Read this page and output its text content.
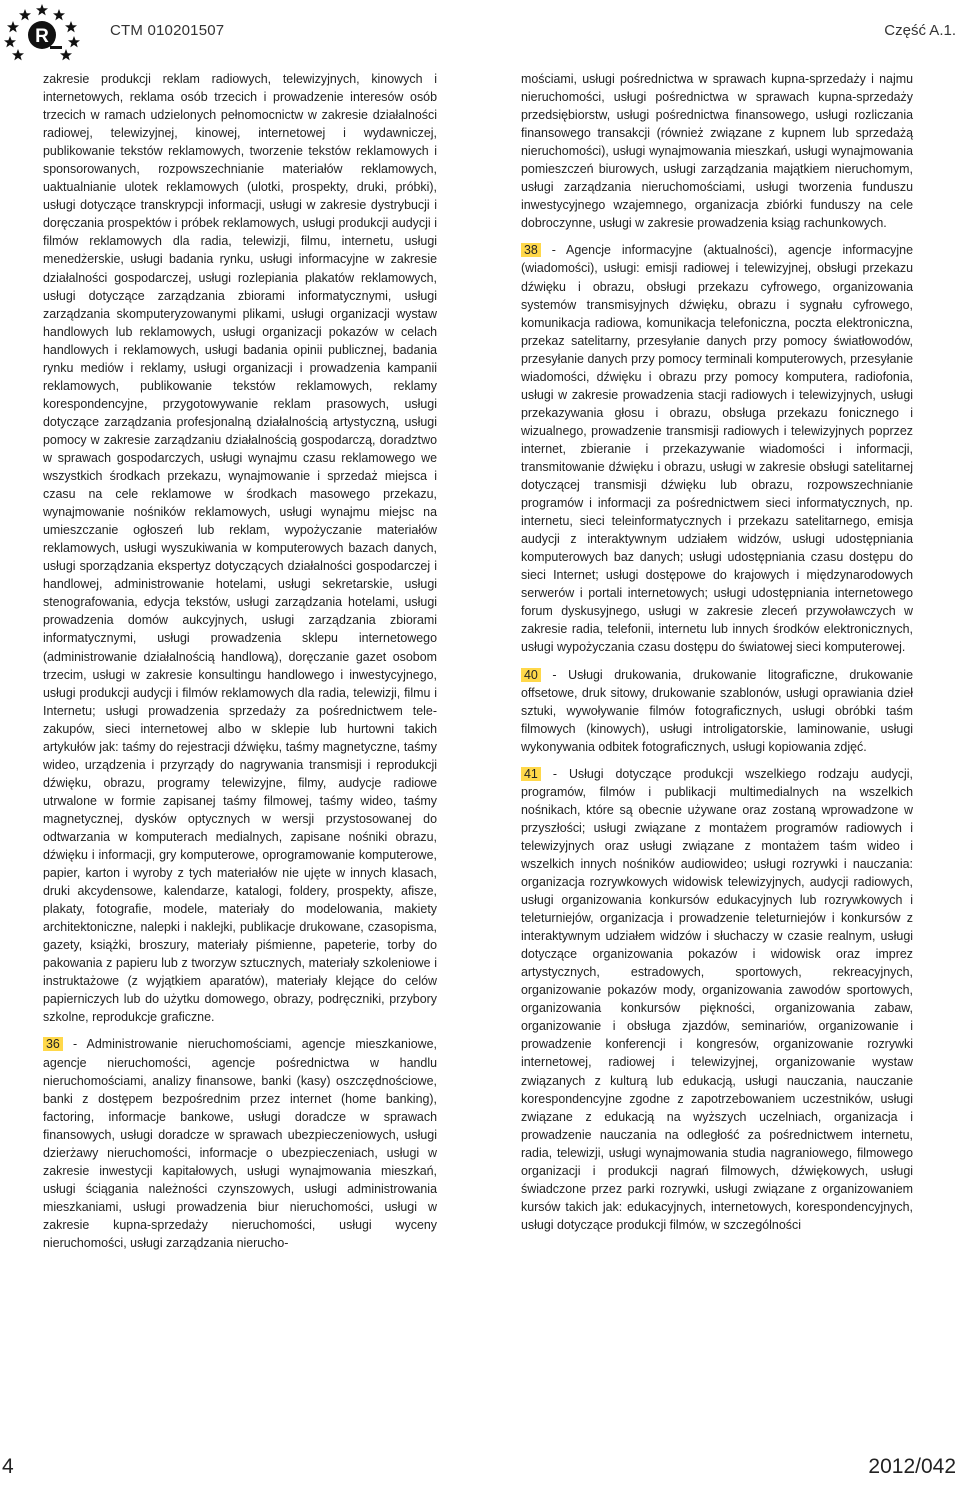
R	CTM 010201507	Część A.1.

zakresie produkcji reklam radiowych, telewizyjnych, kinowych i internetowych, reklama osób trzecich i prowadzenie interesów osób trzecich w ramach udzielonych pełnomocnictw w zakresie działalności radiowej, telewizyjnej, kinowej, internetowej i wydawniczej, publikowanie tekstów reklamowych, tworzenie tekstów reklamowych i sponsorowanych, rozpowszechnianie materiałów reklamowych, uaktualnianie ulotek reklamowych (ulotki, prospekty, druki, próbki), usługi dotyczące transkrypcji informacji, usługi w zakresie dystrybucji i doręczania prospektów i próbek reklamowych, usługi produkcji audycji i filmów reklamowych dla radia, telewizji, filmu, internetu, usługi menedżerskie, usługi badania rynku, usługi informacyjne w zakresie działalności gospodarczej, usługi rozlepiania plakatów reklamowych, usługi dotyczące zarządzania zbiorami informatycznymi, usługi zarządzania skomputeryzowanymi plikami, usługi organizacji wystaw handlowych lub reklamowych, usługi organizacji pokazów w celach handlowych i reklamowych, usługi badania opinii publicznej, badania rynku mediów i reklamy, usługi organizacji i prowadzenia kampanii reklamowych, publikowanie tekstów reklamowych, reklamy korespondencyjne, przygotowywanie reklam prasowych, usługi dotyczące zarządzania profesjonalną działalnością artystyczną, usługi pomocy w zakresie zarządzaniu działalnością gospodarczą, doradztwo w sprawach gospodarczych, usługi wynajmu czasu reklamowego we wszystkich środkach przekazu, wynajmowanie i sprzedaż miejsca i czasu na cele reklamowe w środkach masowego przekazu, wynajmowanie nośników reklamowych, usługi wynajmu miejsc na umieszczanie ogłoszeń lub reklam, wypożyczanie materiałów reklamowych, usługi wyszukiwania w komputerowych bazach danych, usługi sporządzania ekspertyz dotyczących działalności gospodarczej i handlowej, administrowanie hotelami, usługi sekretarskie, usługi stenografowania, edycja tekstów, usługi zarządzania hotelami, usługi prowadzenia domów aukcyjnych, usługi zarządzania zbiorami informatycznymi, usługi prowadzenia sklepu internetowego (administrowanie działalnością handlową), doręczanie gazet osobom trzecim, usługi w zakresie konsultingu handlowego i inwestycyjnego, usługi produkcji audycji i filmów reklamowych dla radia, telewizji, filmu i Internetu; usługi prowadzenia sprzedaży za pośrednictwem tele-zakupów, sieci internetowej albo w sklepie lub hurtowni takich artykułów jak: taśmy do rejestracji dźwięku, taśmy magnetyczne, taśmy wideo, urządzenia i przyrządy do nagrywania transmisji i reprodukcji dźwięku, obrazu, programy telewizyjne, filmy, audycje radiowe utrwalone w formie zapisanej taśmy filmowej, taśmy wideo, taśmy magnetycznej, dysków optycznych w wersji przystosowanej do odtwarzania w komputerach medialnych, zapisane nośniki obrazu, dźwięku i informacji, gry komputerowe, oprogramowanie komputerowe, papier, karton i wyroby z tych materiałów nie ujęte w innych klasach, druki akcydensowe, kalendarze, katalogi, foldery, prospekty, afisze, plakaty, fotografie, modele, materiały do modelowania, makiety architektoniczne, nalepki i naklejki, publikacje drukowane, czasopisma, gazety, książki, broszury, materiały piśmienne, papeterie, torby do pakowania z papieru lub z tworzyw sztucznych, materiały szkoleniowe i instruktażowe (z wyjątkiem aparatów), materiały klejące do celów papierniczych lub do użytku domowego, obrazy, podręczniki, przybory szkolne, reprodukcje graficzne.

36 - Administrowanie nieruchomościami, agencje mieszkaniowe, agencje nieruchomości, agencje pośrednictwa w handlu nieruchomościami, analizy finansowe, banki (kasy) oszczędnościowe, banki z dostępem bezpośrednim przez internet (home banking), factoring, informacje bankowe, usługi doradcze w sprawach finansowych, usługi doradcze w sprawach ubezpieczeniowych, usługi dzierżawy nieruchomości, informacje o ubezpieczeniach, usługi w zakresie inwestycji kapitałowych, usługi wynajmowania mieszkań, usługi ściągania należności czynszowych, usługi administrowania mieszkaniami, usługi prowadzenia biur nieruchomości, usługi w zakresie kupna-sprzedaży nieruchomości, usługi wyceny nieruchomości, usługi zarządzania nierucho-

mościami, usługi pośrednictwa w sprawach kupna-sprzedaży i najmu nieruchomości, usługi pośrednictwa w sprawach kupna-sprzedaży przedsiębiorstw, usługi pośrednictwa finansowego, usługi rozliczania finansowego transakcji (również związane z kupnem lub sprzedażą nieruchomości), usługi wynajmowania mieszkań, usługi wynajmowania pomieszczeń biurowych, usługi zarządzania majątkiem nieruchomym, usługi zarządzania nieruchomościami, usługi tworzenia funduszu inwestycyjnego wzajemnego, organizacja zbiórki funduszy na cele dobroczynne, usługi w zakresie prowadzenia ksiąg rachunkowych.

38 - Agencje informacyjne (aktualności), agencje informacyjne (wiadomości), usługi: emisji radiowej i telewizyjnej, obsługi przekazu dźwięku i obrazu, obsługi przekazu cyfrowego, organizowania systemów transmisyjnych dźwięku, obrazu i sygnału cyfrowego, komunikacja radiowa, komunikacja telefoniczna, poczta elektroniczna, przekaz satelitarny, przesyłanie danych przy pomocy światłowodów, przesyłanie danych przy pomocy terminali komputerowych, przesyłanie wiadomości, dźwięku i obrazu przy pomocy komputera, radiofonia, usługi w zakresie prowadzenia stacji radiowych i telewizyjnych, usługi przekazywania głosu i obrazu, obsługa przekazu fonicznego i wizualnego, prowadzenie transmisji radiowych i telewizyjnych poprzez internet, zbieranie i przekazywanie wiadomości i informacji, transmitowanie dźwięku i obrazu, usługi w zakresie obsługi satelitarnej dotyczącej transmisji dźwięku lub obrazu, rozpowszechnianie programów i informacji za pośrednictwem sieci informatycznych, np. internetu, sieci teleinformatycznych i przekazu satelitarnego, emisja audycji z interaktywnym udziałem widzów, usługi udostępniania komputerowych baz danych; usługi udostępniania czasu dostępu do sieci Internet; usługi dostępowe do krajowych i międzynarodowych serwerów i portali internetowych; usługi udostępniania internetowego forum dyskusyjnego, usługi w zakresie zleceń przywoławczych w zakresie radia, telefonii, internetu lub innych środków elektronicznych, usługi wypożyczania czasu dostępu do światowej sieci komputerowej.

40 - Usługi drukowania, drukowanie litograficzne, drukowanie offsetowe, druk sitowy, drukowanie szablonów, usługi oprawiania dzieł sztuki, wywoływanie filmów fotograficznych, usługi obróbki taśm filmowych (kinowych), usługi introligatorskie, laminowanie, usługi wykonywania odbitek fotograficznych, usługi kopiowania zdjęć.

41 - Usługi dotyczące produkcji wszelkiego rodzaju audycji, programów, filmów i publikacji multimedialnych na wszelkich nośnikach, które są obecnie używane oraz zostaną wprowadzone w przyszłości; usługi związane z montażem programów radiowych i telewizyjnych oraz usługi związane z montażem taśm wideo i wszelkich innych nośników audiowideo; usługi rozrywki i nauczania: organizacja rozrywkowych widowisk telewizyjnych, audycji radiowych, usługi organizowania konkursów edukacyjnych lub rozrywkowych i teleturniejów, organizacja i prowadzenie teleturniejów i konkursów z interaktywnym udziałem widzów i słuchaczy w czasie realnym, usługi dotyczące organizowania pokazów i widowisk oraz imprez artystycznych, estradowych, sportowych, rekreacyjnych, organizowanie pokazów mody, organizowania zawodów sportowych, organizowania konkursów piękności, organizowania zabaw, organizowanie i obsługa zjazdów, seminariów, organizowanie i prowadzenie konferencji i kongresów, organizowanie rozrywki internetowej, radiowej i telewizyjnej, organizowanie wystaw związanych z kulturą lub edukacją, usługi nauczania, nauczanie korespondencyjne zgodne z zapotrzebowaniem uczestników, usługi związane z edukacją na wyższych uczelniach, organizacja i prowadzenie nauczania na odległość za pośrednictwem internetu, radia, telewizji, usługi wynajmowania studia nagraniowego, filmowego organizacji i produkcji nagrań filmowych, dźwiękowych, usługi świadczone przez parki rozrywki, usługi związane z organizowaniem kursów takich jak: edukacyjnych, internetowych, korespondencyjnych, usługi dotyczące produkcji filmów, w szczególności

4	2012/042
